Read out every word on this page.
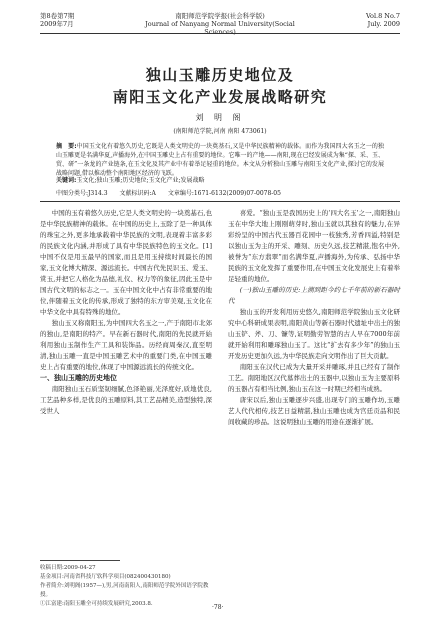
第8卷第7期
2009年7月
南阳师范学院学报(社会科学版)
Journal of Nanyang Normal University(Social Sciences)
Vol.8 No.7
July. 2009
独山玉雕历史地位及
南阳玉文化产业发展战略研究
刘 明 阁
(南阳师范学院,河南 南阳 473061)
摘　要:中国玉文化有着悠久历史,它既是人类文明史的一块奠基石,又是中华民族精神的载体。而作为我国四大名玉之一的独山玉雕更是名满华夏,声播海外,在中国玉雕史上占有重要的地位。它唯一的产地——南阳,现在已经发展成为集“探、采、玉、贸、研”一条龙的产业链条,在玉文化及其产业中有着举足轻重的地位。本文从分析独山玉雕与南阳玉文化产业,探讨它的发展战略问题,借以推动整个南阳地区经济的飞跃。
关键词:玉文化;独山玉雕;历史地位;玉文化产业;发展战略
中图分类号:J314.3 文献标识码:A 文章编号:1671-6132(2009)07-0078-05

中国的玉有着悠久历史,它是人类文明史的一块奠基石,也是中华民族精神的载体。在中国的历史上,玉除了是一种具体的珠宝之外,更多地承载着中华民族的文明,表现着丰富多彩的民族文化内涵,并形成了具有中华民族特色的玉文化。[1]中国不仅是用玉最早的国家,而且是用玉持续时间最长的国家,玉文化博大精深、源远流长。中国古代先民识玉、爱玉、赏玉,并把它人格化为品德,礼仪、权力等的象征,因此玉是中国古代文明的标志之一。玉在中国文化中占有非常重要的地位,伴随着玉文化的传承,形成了独特的东方审美观,玉文化在中华文化中具有特殊的地位。

独山玉又称南阳玉,为中国四大名玉之一,产于南阳市北郊的独山,是南阳的特产。早在新石器时代,南阳的先民就开始利用独山玉制作生产工具和装饰品。历经商周秦汉,直至明清,独山玉雕一直是中国玉雕艺术中的重要门类,在中国玉雕史上占有重要的地位,体现了中国源远流长的传统文化。

一、独山玉雕的历史地位

南阳独山玉石质坚韧细腻,色泽艳丽,光泽度好,质地优良,工艺品种多样,是优良的玉雕原料,其工艺品精美,造型独特,深受世人

喜爱。“独山玉是我国历史上的‘四大名玉’之一,南阳独山玉在中华大地上刚刚萌芽时,独山玉就以其独有的魅力,在异彩纷呈的中国古代玉器百花园中一枝独秀,芳香四溢,特别是以独山玉为主的开采、雕刻、历史久远,技艺精湛,饱名中外,被誉为“东方翡翠”而名满华夏,声播海外,为传承、弘扬中华民族的玉文化发挥了重要作用,在中国玉文化发展史上有着举足轻重的地位。

(一)独山玉雕的历史:上溯到距今约七千年前的新石器时代

独山玉的开发利用历史悠久,南阳师范学院独山玉文化研究中心科研成果表明,南阳黄山等新石器时代遗址中出土的独山玉铲、斧、刀、镰等,证明勤劳智慧的古人早在7000年前就开始利用和雕琢独山玉了。这比“扩去有多少年”的独山玉开发历史更加久远,为中华民族走向文明作出了巨大贡献。

南阳玉在汉代已成为大量开采并雕琢,并且已经有了制作工艺。南阳地区汉代墓葬出土的玉器中,以独山玉为主要原料的玉器占有相当比例,独山玉在这一时期已经相当成熟。

唐宋以后,独山玉雕逐步兴盛,出现专门的玉雕作坊,玉雕艺人代代相传,技艺日益精湛,独山玉雕也成为宫廷贡品和民间收藏的珍品。这说明独山玉雕的用途在逐渐扩展。

收稿日期:2009-04-27
基金项目:河南省科技厅软科学项目(082400430180)
作者简介:刘明阁(1957—),男,河南南阳人,南阳师范学院外国语学院教授。
①江富建:南阳玉雕全可持续发展研究,2003.8.	·78·
